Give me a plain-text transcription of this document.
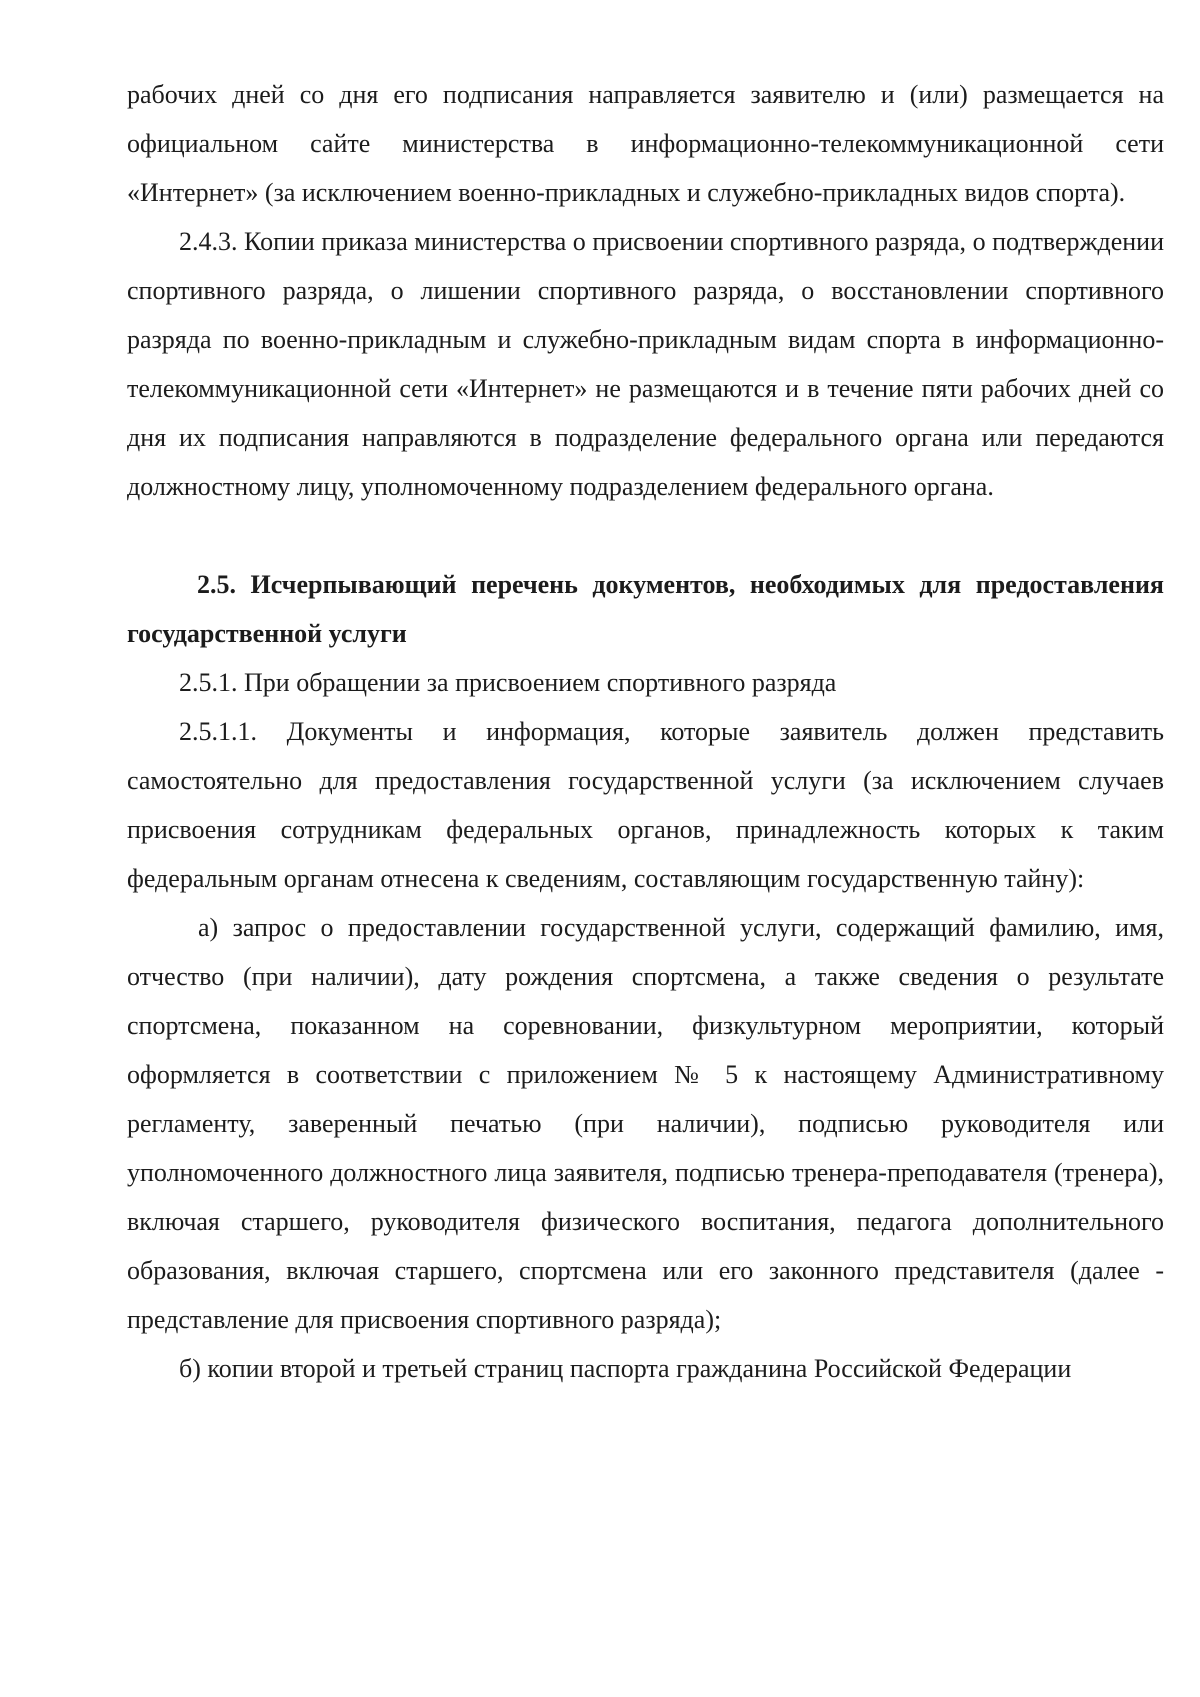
рабочих дней со дня его подписания направляется заявителю и (или) размещается на официальном сайте министерства в информационно-телекоммуникационной сети «Интернет» (за исключением военно-прикладных и служебно-прикладных видов спорта).

2.4.3. Копии приказа министерства о присвоении спортивного разряда, о подтверждении спортивного разряда, о лишении спортивного разряда, о восстановлении спортивного разряда по военно-прикладным и служебно-прикладным видам спорта в информационно-телекоммуникационной сети «Интернет» не размещаются и в течение пяти рабочих дней со дня их подписания направляются в подразделение федерального органа или передаются должностному лицу, уполномоченному подразделением федерального органа.

2.5. Исчерпывающий перечень документов, необходимых для предоставления государственной услуги

2.5.1. При обращении за присвоением спортивного разряда

2.5.1.1. Документы и информация, которые заявитель должен представить самостоятельно для предоставления государственной услуги (за исключением случаев присвоения сотрудникам федеральных органов, принадлежность которых к таким федеральным органам отнесена к сведениям, составляющим государственную тайну):

а) запрос о предоставлении государственной услуги, содержащий фамилию, имя, отчество (при наличии), дату рождения спортсмена, а также сведения о результате спортсмена, показанном на соревновании, физкультурном мероприятии, который оформляется в соответствии с приложением № 5 к настоящему Административному регламенту, заверенный печатью (при наличии), подписью руководителя или уполномоченного должностного лица заявителя, подписью тренера-преподавателя (тренера), включая старшего, руководителя физического воспитания, педагога дополнительного образования, включая старшего, спортсмена или его законного представителя (далее - представление для присвоения спортивного разряда);

б) копии второй и третьей страниц паспорта гражданина Российской Федерации
